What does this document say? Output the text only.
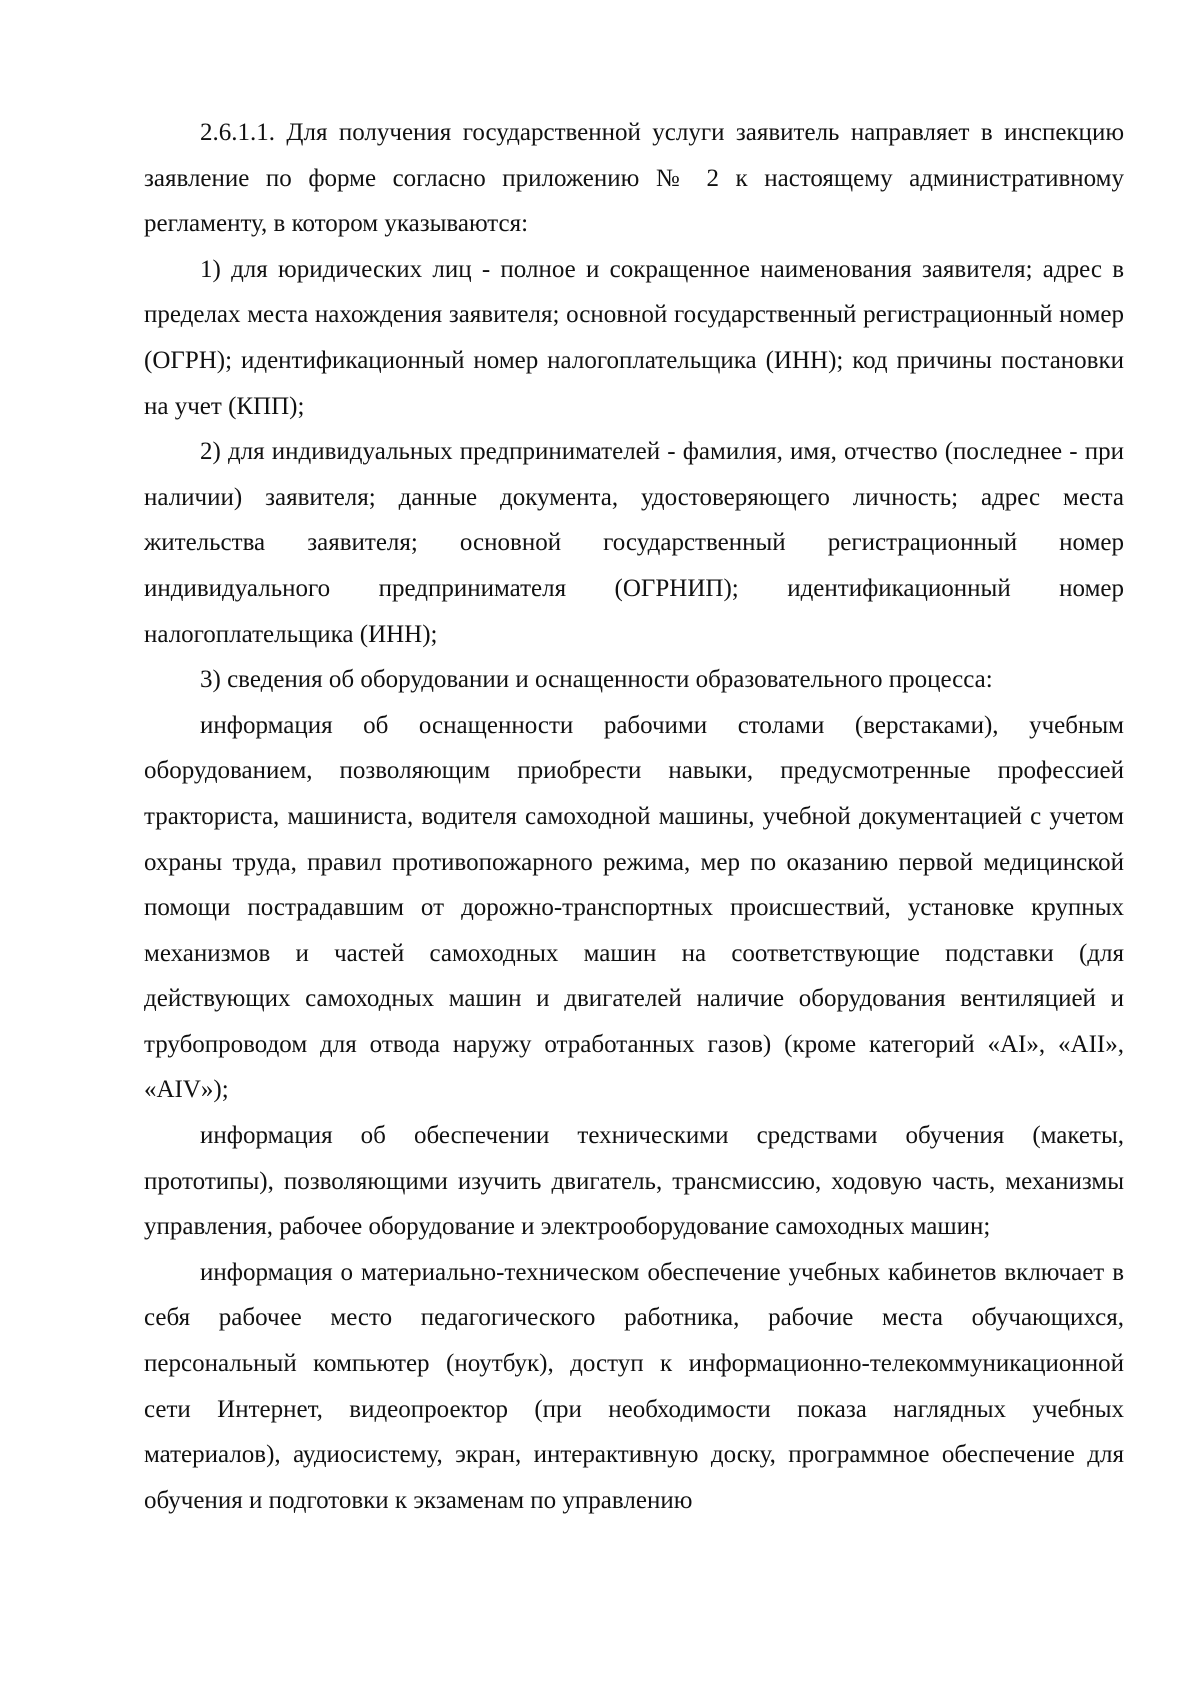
2.6.1.1. Для получения государственной услуги заявитель направляет в инспекцию заявление по форме согласно приложению № 2 к настоящему административному регламенту, в котором указываются:

1) для юридических лиц - полное и сокращенное наименования заявителя; адрес в пределах места нахождения заявителя; основной государственный регистрационный номер (ОГРН); идентификационный номер налогоплательщика (ИНН); код причины постановки на учет (КПП);

2) для индивидуальных предпринимателей - фамилия, имя, отчество (последнее - при наличии) заявителя; данные документа, удостоверяющего личность; адрес места жительства заявителя; основной государственный регистрационный номер индивидуального предпринимателя (ОГРНИП); идентификационный номер налогоплательщика (ИНН);

3) сведения об оборудовании и оснащенности образовательного процесса:

информация об оснащенности рабочими столами (верстаками), учебным оборудованием, позволяющим приобрести навыки, предусмотренные профессией тракториста, машиниста, водителя самоходной машины, учебной документацией с учетом охраны труда, правил противопожарного режима, мер по оказанию первой медицинской помощи пострадавшим от дорожно-транспортных происшествий, установке крупных механизмов и частей самоходных машин на соответствующие подставки (для действующих самоходных машин и двигателей наличие оборудования вентиляцией и трубопроводом для отвода наружу отработанных газов) (кроме категорий «AI», «AII», «AIV»);

информация об обеспечении техническими средствами обучения (макеты, прототипы), позволяющими изучить двигатель, трансмиссию, ходовую часть, механизмы управления, рабочее оборудование и электрооборудование самоходных машин;

информация о материально-техническом обеспечение учебных кабинетов включает в себя рабочее место педагогического работника, рабочие места обучающихся, персональный компьютер (ноутбук), доступ к информационно-телекоммуникационной сети Интернет, видеопроектор (при необходимости показа наглядных учебных материалов), аудиосистему, экран, интерактивную доску, программное обеспечение для обучения и подготовки к экзаменам по управлению
